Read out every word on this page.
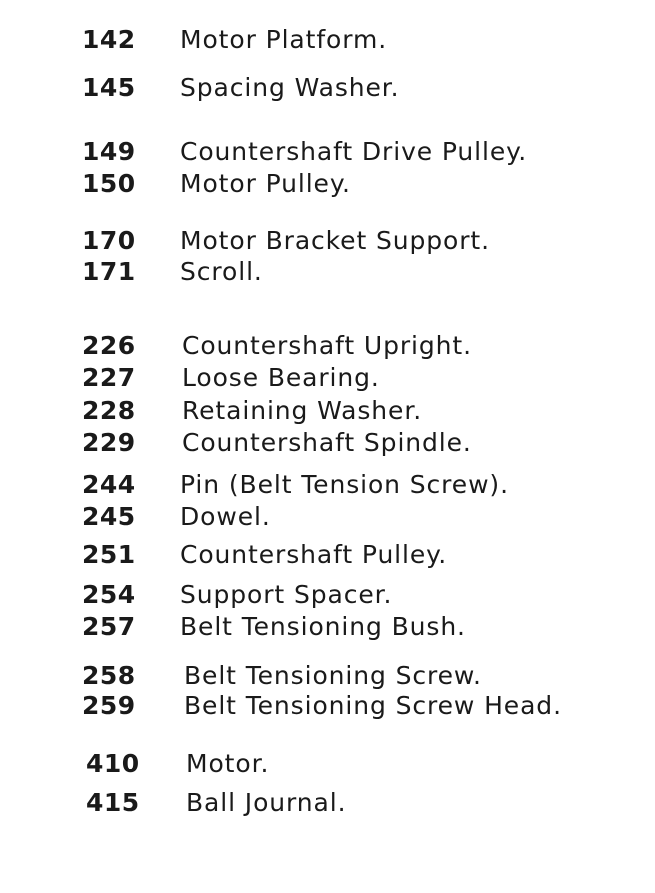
142 Motor Platform.
145 Spacing Washer.
149 Countershaft Drive Pulley.
150 Motor Pulley.
170 Motor Bracket Support.
171 Scroll.
226 Countershaft Upright.
227 Loose Bearing.
228 Retaining Washer.
229 Countershaft Spindle.
244 Pin (Belt Tension Screw).
245 Dowel.
251 Countershaft Pulley.
254 Support Spacer.
257 Belt Tensioning Bush.
258 Belt Tensioning Screw.
259 Belt Tensioning Screw Head.
410 Motor.
415 Ball Journal.
